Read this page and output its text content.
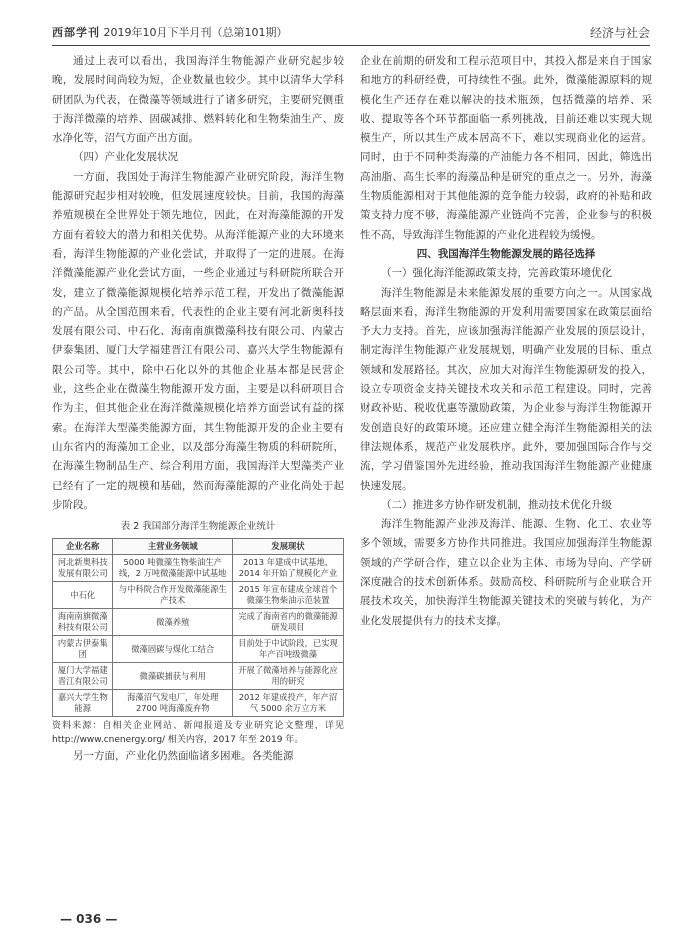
西部学刊 2019年10月下半月刊（总第101期）	经济与社会

通过上表可以看出，我国海洋生物能源产业研究起步较晚，发展时间尚较为短，企业数量也较少。其中以清华大学科研团队为代表，在微藻等领域进行了诸多研究，主要研究侧重于海洋微藻的培养、固碳减排、燃料转化和生物柴油生产、废水净化等，沼气方面产出方面。

（四）产业化发展状况

一方面，我国处于海洋生物能源产业研究阶段，海洋生物能源研究起步相对较晚，但发展速度较快。目前，我国的海藻养殖规模在全世界处于领先地位，因此，在对海藻能源的开发方面有着较大的潜力和相关优势。从海洋能源产业的大环境来看，海洋生物能源的产业化尝试，并取得了一定的进展。在海洋微藻能源产业化尝试方面，一些企业通过与科研院所联合开发，建立了微藻能源规模化培养示范工程，开发出了微藻能源的产品。从全国范围来看，代表性的企业主要有河北新奥科技发展有限公司、中石化、海南南旗微藻科技有限公司、内蒙古伊泰集团、厦门大学福建晋江有限公司、嘉兴大学生物能源有限公司等。其中，除中石化以外的其他企业基本都是民营企业，这些企业在微藻生物能源开发方面，主要是以科研项目合作为主，但其他企业在海洋微藻规模化培养方面尝试有益的探索。在海洋大型藻类能源方面，其生物能源开发的企业主要有山东省内的海藻加工企业，以及部分海藻生物质的科研院所，在海藻生物制品生产、综合利用方面，我国海洋大型藻类产业已经有了一定的规模和基础，然而海藻能源的产业化尚处于起步阶段。

表 2 我国部分海洋生物能源企业统计
企业名称	主营业务领域	发展现状
河北新奥科技发展有限公司	5000 吨微藻生物柴油生产线，2 万吨微藻能源中试基地	2013 年建成中试基地，2014 年开始了规模化产业
中石化	与中科院合作开发微藻能源生产技术	2015 年宣布建成全球首个微藻生物柴油示范装置
海南南旗微藻科技有限公司	微藻养殖	完成了海南省内的微藻能源研发项目
内蒙古伊泰集团	微藻固碳与煤化工结合	目前处于中试阶段，已实现年产百吨级微藻
厦门大学福建晋江有限公司	微藻碳捕获与利用	开展了微藻培养与能源化应用的研究
嘉兴大学生物能源	海藻沼气发电厂，年处理 2700 吨海藻废弃物	2012 年建成投产，年产沼气 5000 余万立方米
资料来源：自相关企业网站、新闻报道及专业研究论文整理，详见 http://www.cnenergy.org/ 相关内容，2017 年至 2019 年。

另一方面，产业化仍然面临诸多困难。各类能源

企业在前期的研发和工程示范项目中，其投入都是来自于国家和地方的科研经费，可持续性不强。此外，微藻能源原料的规模化生产还存在难以解决的技术瓶颈，包括微藻的培养、采收、提取等各个环节都面临一系列挑战，目前还难以实现大规模生产，所以其生产成本居高不下，难以实现商业化的运营。同时，由于不同种类海藻的产油能力各不相同，因此，筛选出高油脂、高生长率的海藻品种是研究的重点之一。另外，海藻生物质能源相对于其他能源的竞争能力较弱，政府的补贴和政策支持力度不够，海藻能源产业链尚不完善，企业参与的积极性不高，导致海洋生物能源的产业化进程较为缓慢。

四、我国海洋生物能源发展的路径选择
（一）强化海洋能源政策支持，完善政策环境优化

海洋生物能源是未来能源发展的重要方向之一。从国家战略层面来看，海洋生物能源的开发利用需要国家在政策层面给予大力支持。首先，应该加强海洋能源产业发展的顶层设计，制定海洋生物能源产业发展规划，明确产业发展的目标、重点领域和发展路径。其次，应加大对海洋生物能源研发的投入，设立专项资金支持关键技术攻关和示范工程建设。同时，完善财政补贴、税收优惠等激励政策，为企业参与海洋生物能源开发创造良好的政策环境。还应建立健全海洋生物能源相关的法律法规体系，规范产业发展秩序。此外，要加强国际合作与交流，学习借鉴国外先进经验，推动我国海洋生物能源产业健康快速发展。

（二）推进多方协作研发机制，推动技术优化升级

海洋生物能源产业涉及海洋、能源、生物、化工、农业等多个领域，需要多方协作共同推进。我国应加强海洋生物能源领域的产学研合作，建立以企业为主体、市场为导向、产学研深度融合的技术创新体系。鼓励高校、科研院所与企业联合开展技术攻关，加快海洋生物能源关键技术的突破与转化，为产业化发展提供有力的技术支撑。

— 036 —
